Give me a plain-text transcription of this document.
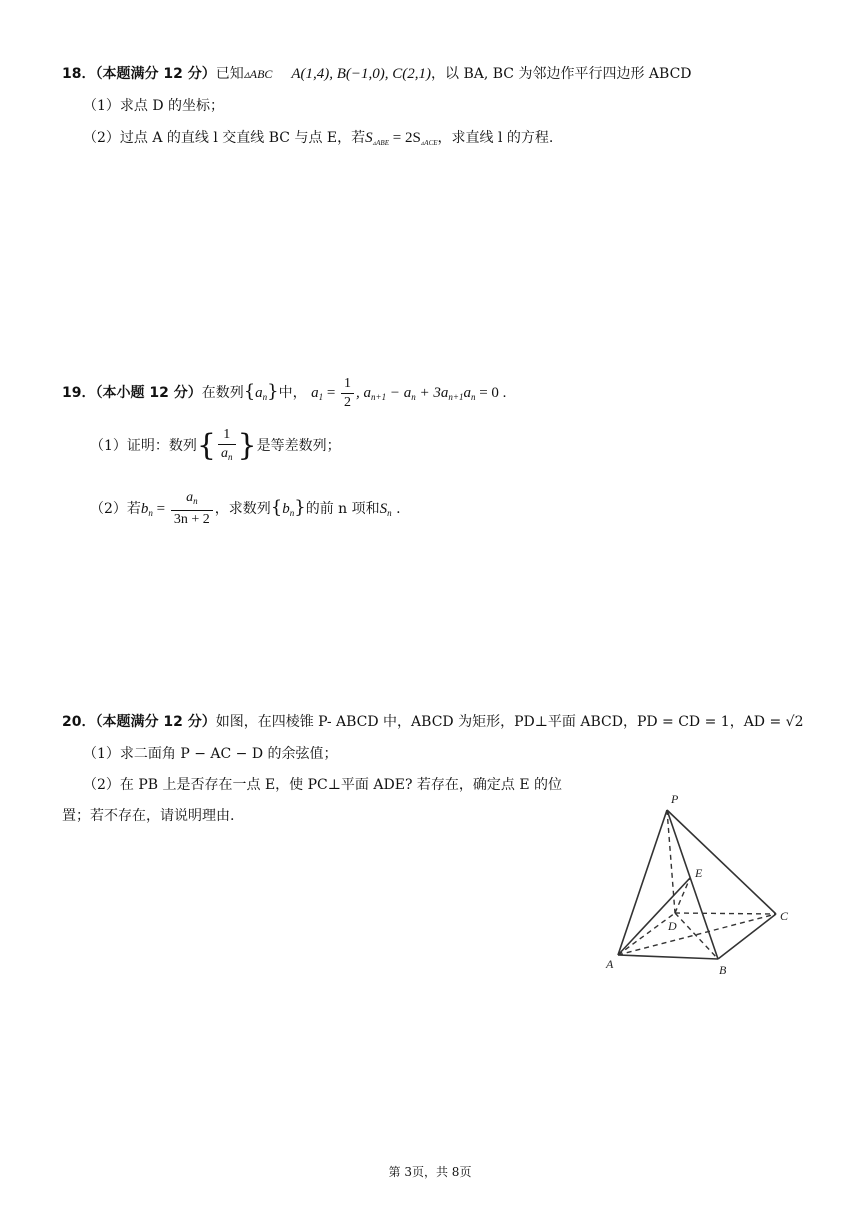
18．（本题满分 12 分）已知▵ABC A(1,4), B(−1,0), C(2,1)，以 BA, BC 为邻边作平行四边形 ABCD
（1）求点 D 的坐标；
（2）过点 A 的直线 l 交直线 BC 与点 E，若$S_{▵ABE} = 2S_{▵ACE}$，求直线 l 的方程.
19．（本小题 12 分）在数列$\{a_n\}$中， $a_1 = \frac{1}{2}$ , $a_{n+1} - a_n + 3a_{n+1}a_n = 0$ .
（1）证明：数列{ $\frac{1}{a_n}$ }是等差数列；
（2）若$b_n = \frac{a_n}{3n + 2}$ ，求数列$\{b_n\}$的前 n 项和$S_n$ .
20．（本题满分 12 分）如图，在四棱锥 P- ABCD 中，ABCD 为矩形，PD⊥平面 ABCD，PD = CD = 1，AD = √2
（1）求二面角 P − AC − D 的余弦值；
（2）在 PB 上是否存在一点 E，使 PC⊥平面 ADE? 若存在，确定点 E 的位
置；若不存在，请说明理由.
P
E
D
C
A	B
第 3页，共 8页
